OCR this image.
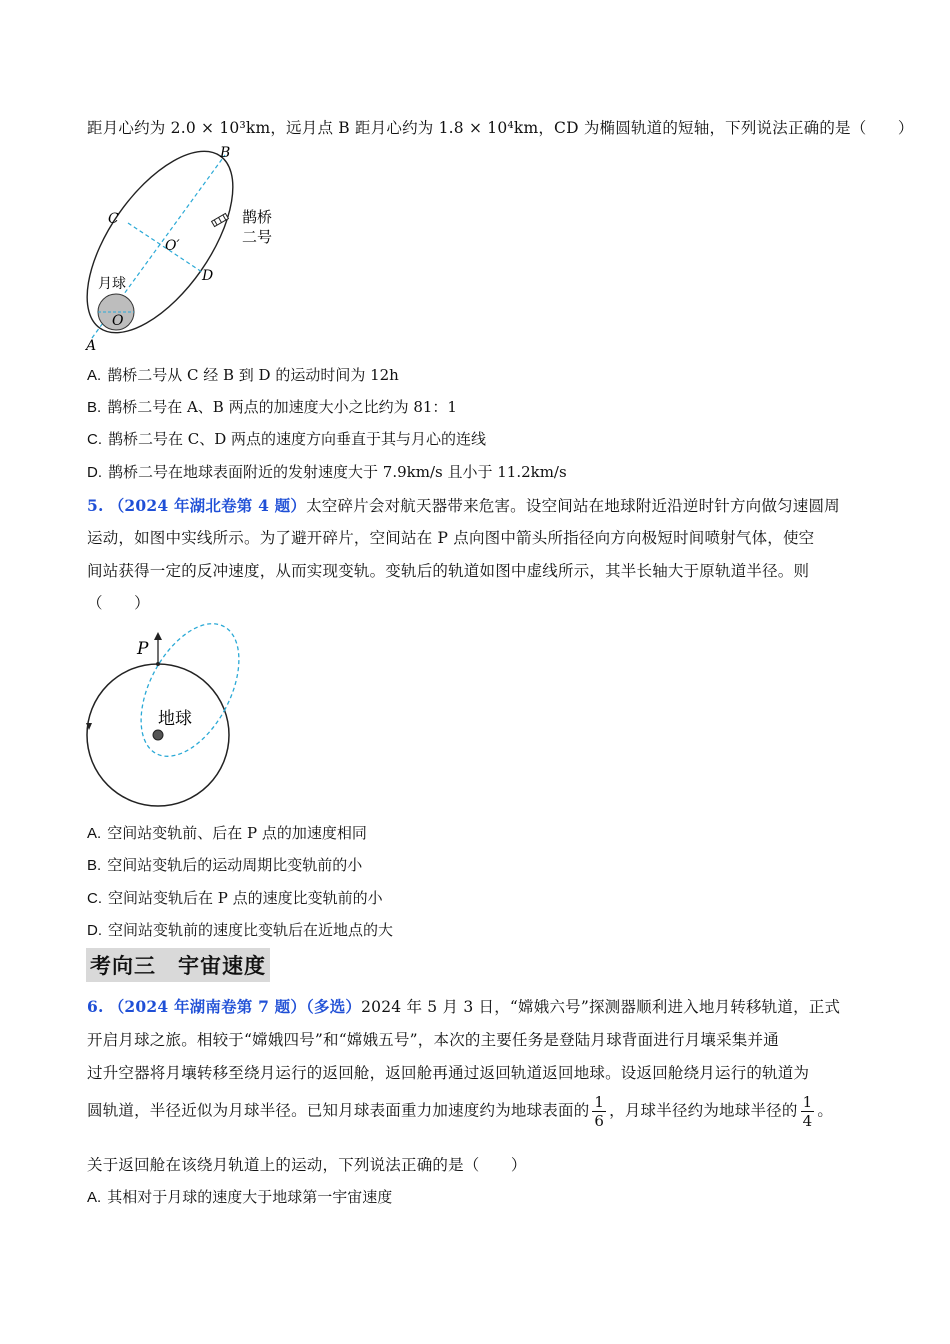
距月心约为 2.0 × 10³km，远月点 B 距月心约为 1.8 × 10⁴km，CD 为椭圆轨道的短轴，下列说法正确的是（　　）
B
C
O′
D
月球
O
A
鹊桥
二号
A. 鹊桥二号从 C 经 B 到 D 的运动时间为 12h
B. 鹊桥二号在 A、B 两点的加速度大小之比约为 81：1
C. 鹊桥二号在 C、D 两点的速度方向垂直于其与月心的连线
D. 鹊桥二号在地球表面附近的发射速度大于 7.9km/s 且小于 11.2km/s
5. （2024 年湖北卷第 4 题）太空碎片会对航天器带来危害。设空间站在地球附近沿逆时针方向做匀速圆周
运动，如图中实线所示。为了避开碎片，空间站在 P 点向图中箭头所指径向方向极短时间喷射气体，使空
间站获得一定的反冲速度，从而实现变轨。变轨后的轨道如图中虚线所示，其半长轴大于原轨道半径。则
（　　）
P
地球
A. 空间站变轨前、后在 P 点的加速度相同
B. 空间站变轨后的运动周期比变轨前的小
C. 空间站变轨后在 P 点的速度比变轨前的小
D. 空间站变轨前的速度比变轨后在近地点的大
考向三　宇宙速度
6. （2024 年湖南卷第 7 题）（多选）2024 年 5 月 3 日，“嫦娥六号”探测器顺利进入地月转移轨道，正式
开启月球之旅。相较于“嫦娥四号”和“嫦娥五号”，本次的主要任务是登陆月球背面进行月壤采集并通
过升空器将月壤转移至绕月运行的返回舱，返回舱再通过返回轨道返回地球。设返回舱绕月运行的轨道为
圆轨道，半径近似为月球半径。已知月球表面重力加速度约为地球表面的 $\frac{1}{6}$ ，月球半径约为地球半径的 $\frac{1}{4}$ 。
关于返回舱在该绕月轨道上的运动，下列说法正确的是（　　）
A. 其相对于月球的速度大于地球第一宇宙速度
